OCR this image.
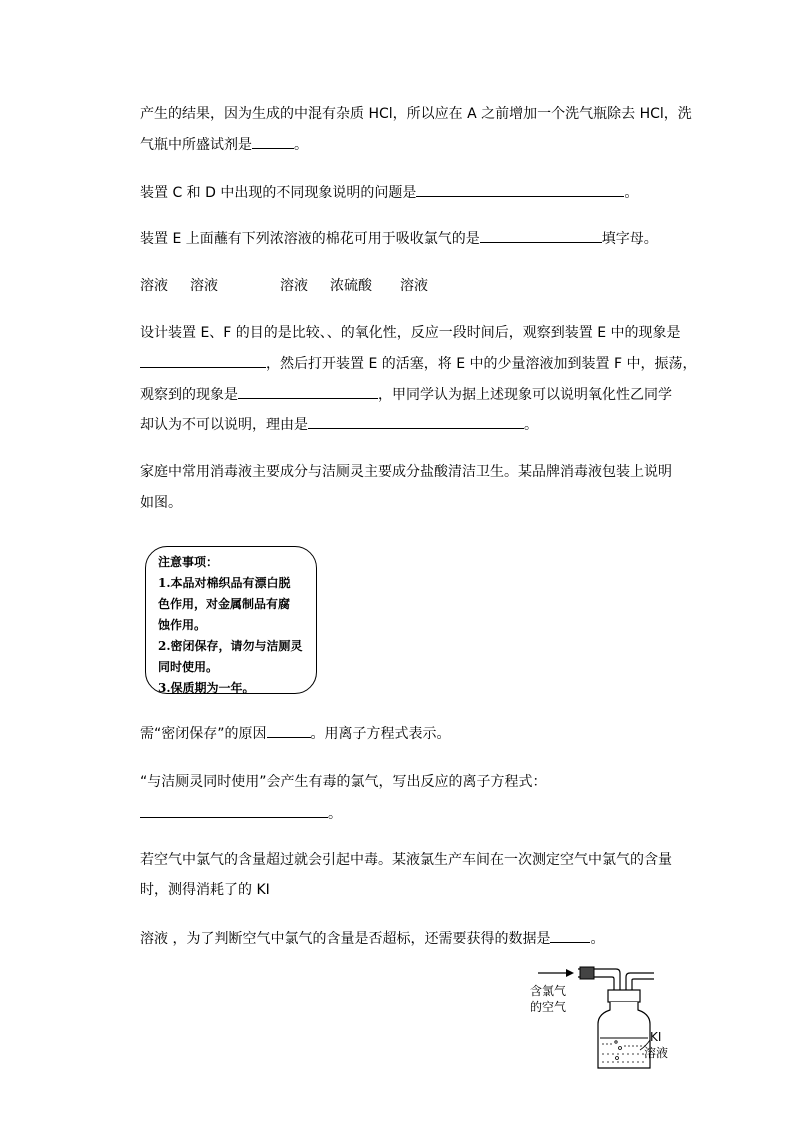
产生的结果，因为生成的中混有杂质 HCl，所以应在 A 之前增加一个洗气瓶除去 HCl，洗
气瓶中所盛试剂是	。
装置 C 和 D 中出现的不同现象说明的问题是	。
装置 E 上面蘸有下列浓溶液的棉花可用于吸收氯气的是	填字母。
溶液 溶液	溶液 浓硫酸 溶液
设计装置 E、F 的目的是比较、、的氧化性，反应一段时间后，观察到装置 E 中的现象是
，然后打开装置 E 的活塞，将 E 中的少量溶液加到装置 F 中，振荡，
观察到的现象是	，甲同学认为据上述现象可以说明氧化性乙同学
却认为不可以说明，理由是	。
家庭中常用消毒液主要成分与洁厕灵主要成分盐酸清洁卫生。某品牌消毒液包装上说明
如图。
注意事项：
1.本品对棉织品有漂白脱
色作用，对金属制品有腐
蚀作用。
2.密闭保存，请勿与洁厕灵
同时使用。
3.保质期为一年。
需“密闭保存”的原因	。用离子方程式表示。
“与洁厕灵同时使用”会产生有毒的氯气，写出反应的离子方程式：
。
若空气中氯气的含量超过就会引起中毒。某液氯生产车间在一次测定空气中氯气的含量
时，测得消耗了的 KI
溶液 ，为了判断空气中氯气的含量是否超标，还需要获得的数据是	。
含氯气
的空气
KI
溶液
